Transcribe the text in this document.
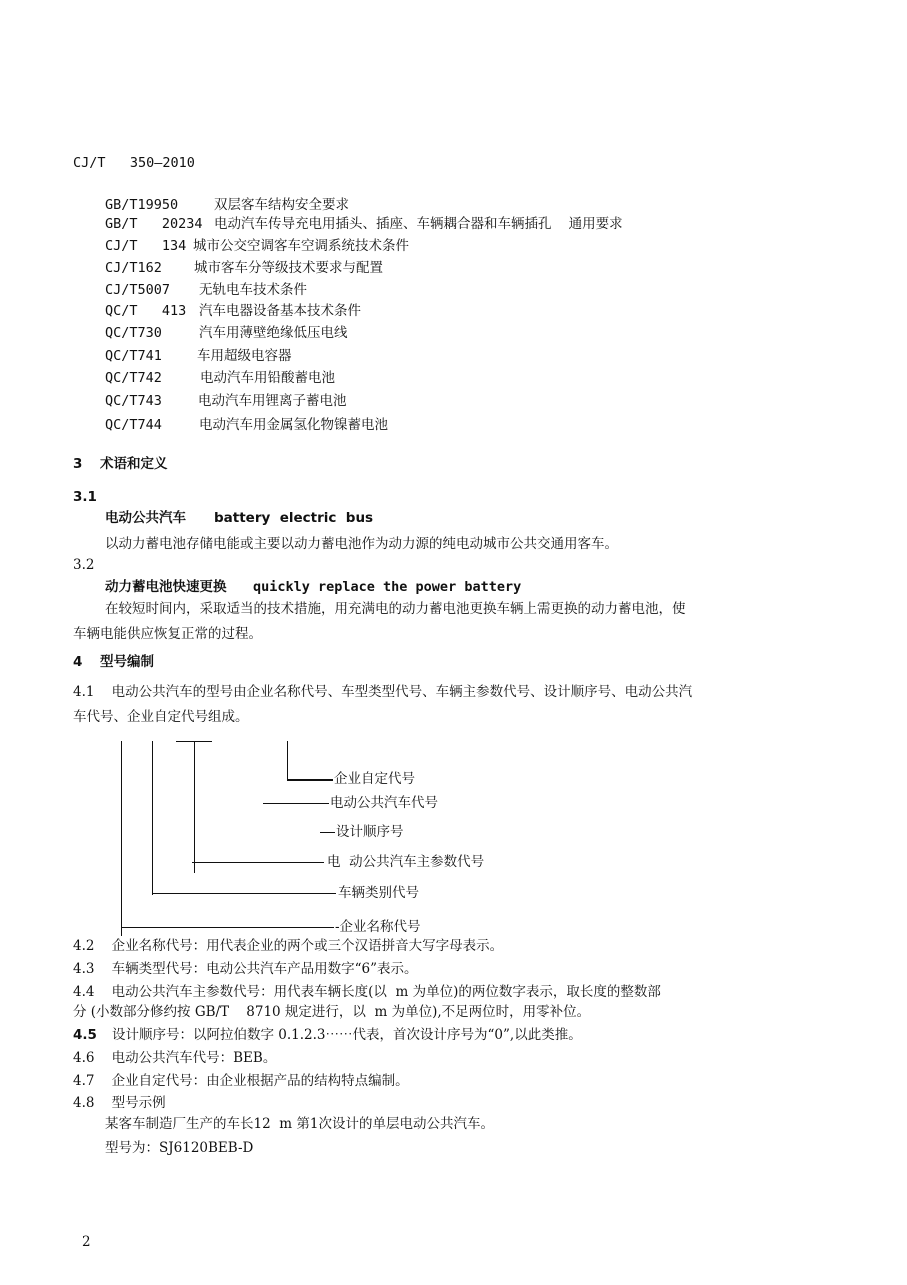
CJ/T   350—2010
GB/T19950	双层客车结构安全要求
GB/T   20234 电动汽车传导充电用插头、插座、车辆耦合器和车辆插孔    通用要求
CJ/T   134 城市公交空调客车空调系统技术条件
CJ/T162 城市客车分等级技术要求与配置
CJ/T5007 无轨电车技术条件
QC/T   413 汽车电器设备基本技术条件
QC/T730	汽车用薄壁绝缘低压电线
QC/T741	车用超级电容器
QC/T742	电动汽车用铅酸蓄电池
QC/T743	电动汽车用锂离子蓄电池
QC/T744	电动汽车用金属氢化物镍蓄电池
3 术语和定义
3.1
电动公共汽车 battery  electric  bus
以动力蓄电池存储电能或主要以动力蓄电池作为动力源的纯电动城市公共交通用客车。
3.2
动力蓄电池快速更换 quickly replace the power battery
在较短时间内，采取适当的技术措施，用充满电的动力蓄电池更换车辆上需更换的动力蓄电池，使
车辆电能供应恢复正常的过程。
4 型号编制
4.1    电动公共汽车的型号由企业名称代号、车型类型代号、车辆主参数代号、设计顺序号、电动公共汽
车代号、企业自定代号组成。
企业自定代号
电动公共汽车代号
设计顺序号
电  动公共汽车主参数代号
车辆类别代号
-企业名称代号
4.2    企业名称代号：用代表企业的两个或三个汉语拼音大写字母表示。
4.3    车辆类型代号：电动公共汽车产品用数字“6”表示。
4.4    电动公共汽车主参数代号：用代表车辆长度(以  m 为单位)的两位数字表示，取长度的整数部
分 (小数部分修约按 GB/T    8710 规定进行，以  m 为单位),不足两位时，用零补位。
4.5 设计顺序号：以阿拉伯数字 0.1.2.3⋯⋯代表，首次设计序号为“0”,以此类推。
4.6    电动公共汽车代号：BEB。
4.7    企业自定代号：由企业根据产品的结构特点编制。
4.8    型号示例
某客车制造厂生产的车长12  m 第1次设计的单层电动公共汽车。
型号为：SJ6120BEB-D
2
